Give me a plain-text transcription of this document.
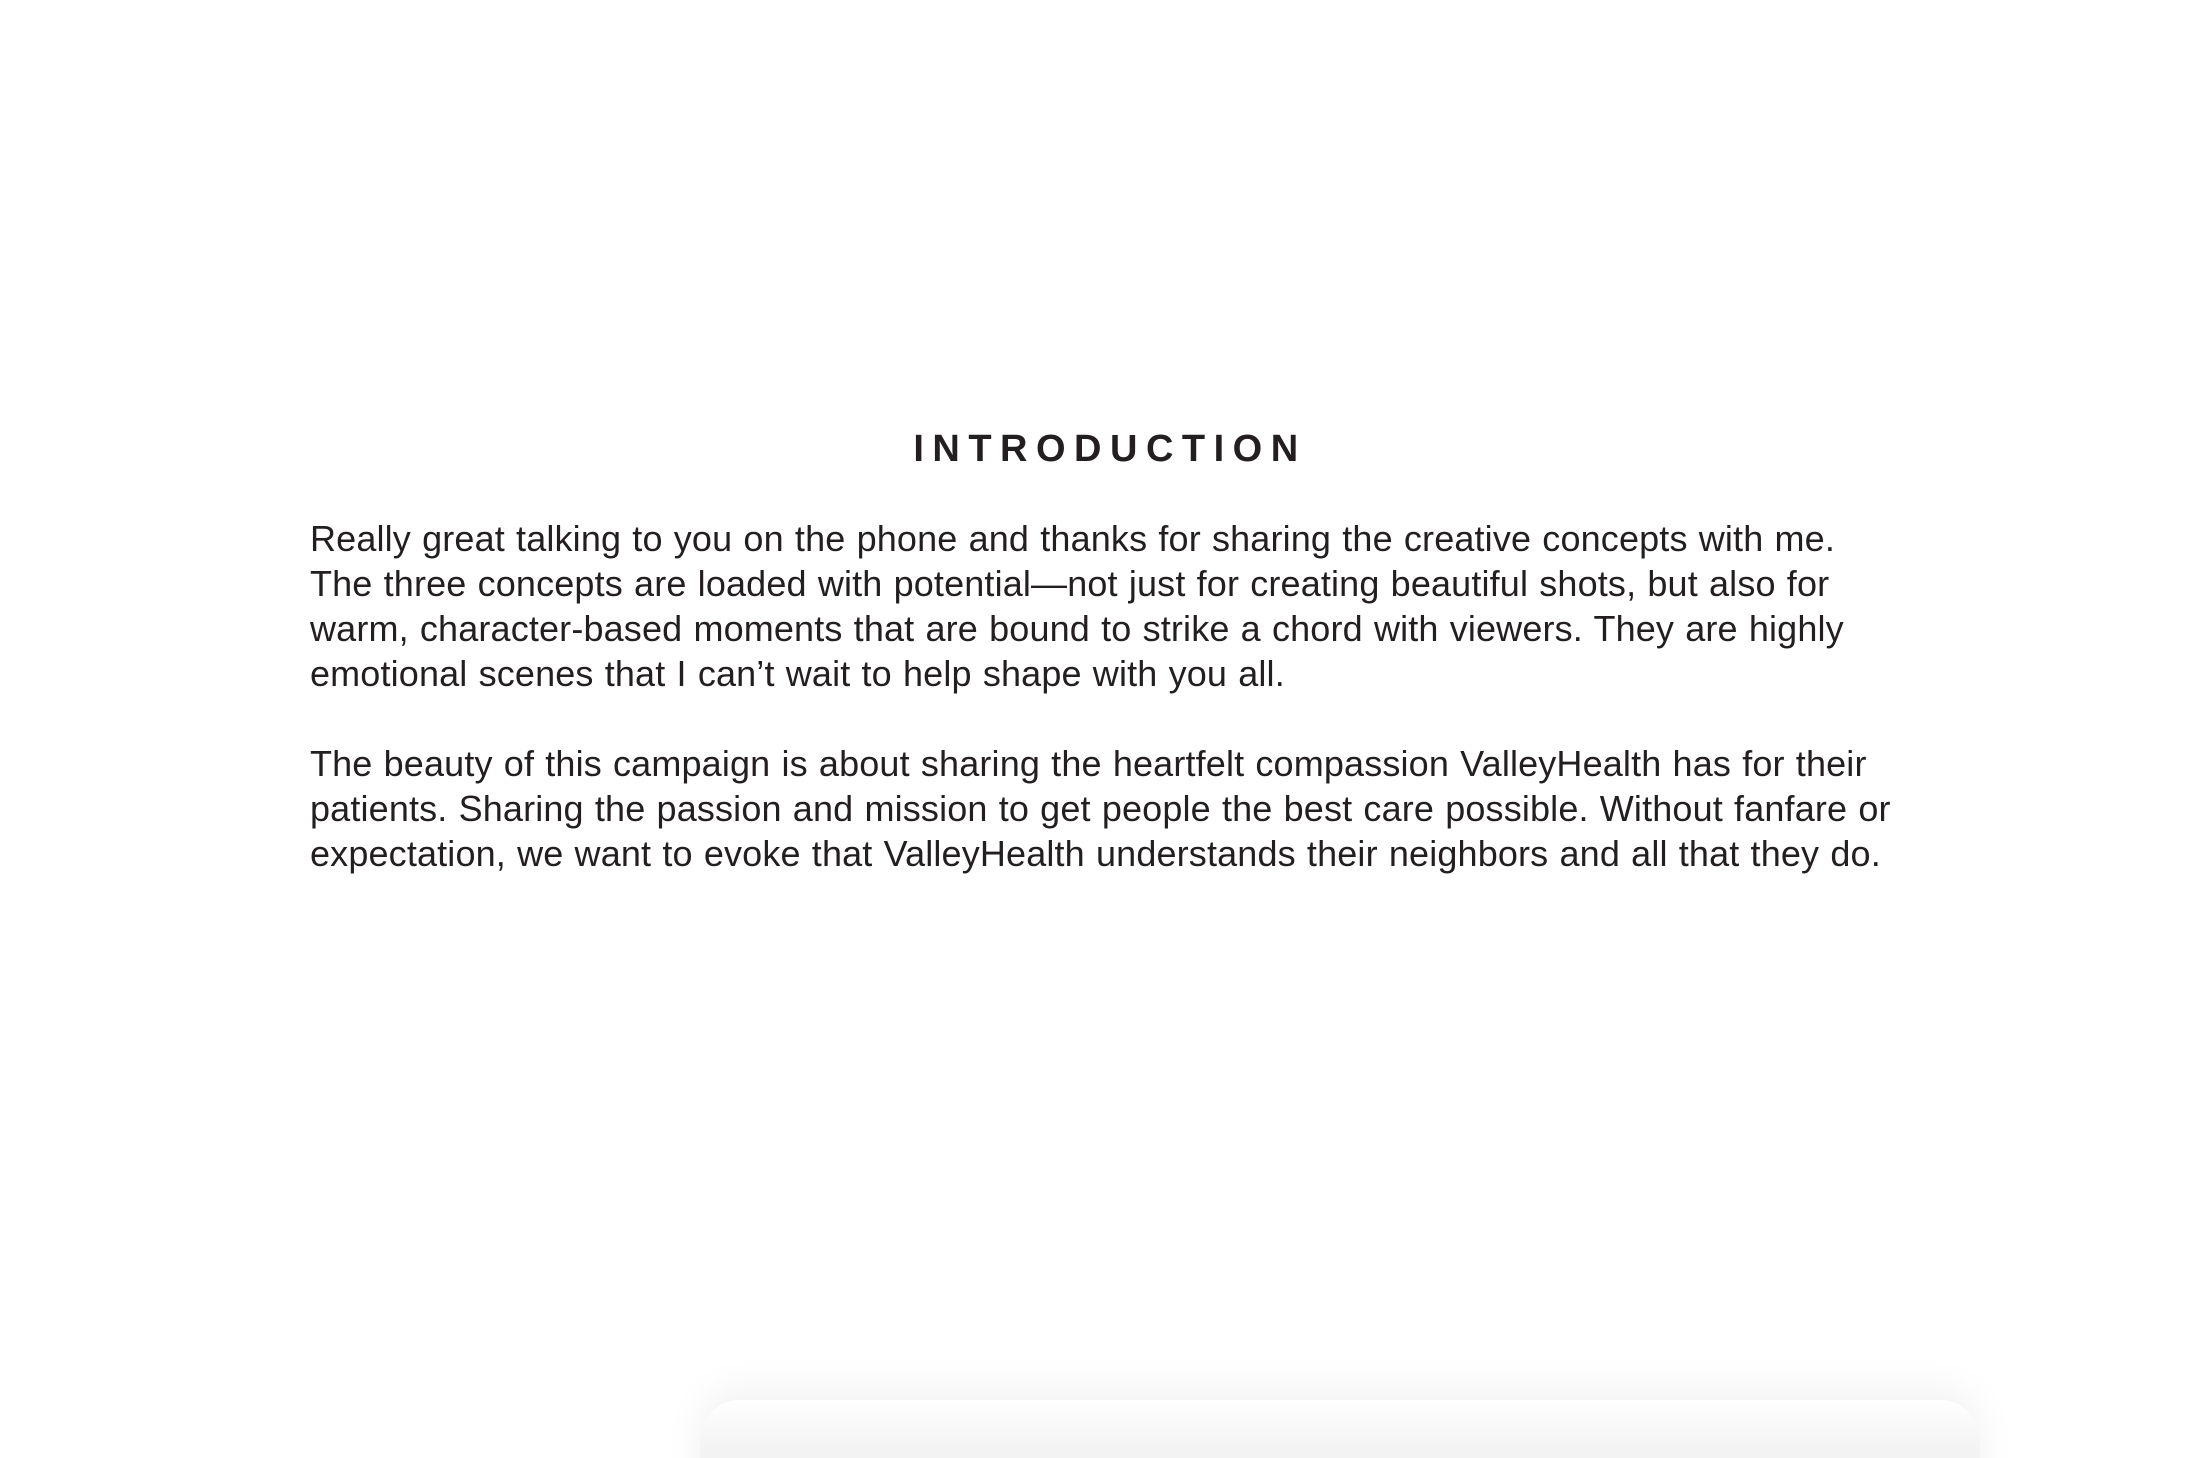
INTRODUCTION

Really great talking to you on the phone and thanks for sharing the creative concepts with me. The three concepts are loaded with potential—not just for creating beautiful shots, but also for warm, character-based moments that are bound to strike a chord with viewers. They are highly emotional scenes that I can’t wait to help shape with you all.

The beauty of this campaign is about sharing the heartfelt compassion ValleyHealth has for their patients. Sharing the passion and mission to get people the best care possible. Without fanfare or expectation, we want to evoke that ValleyHealth understands their neighbors and all that they do.
